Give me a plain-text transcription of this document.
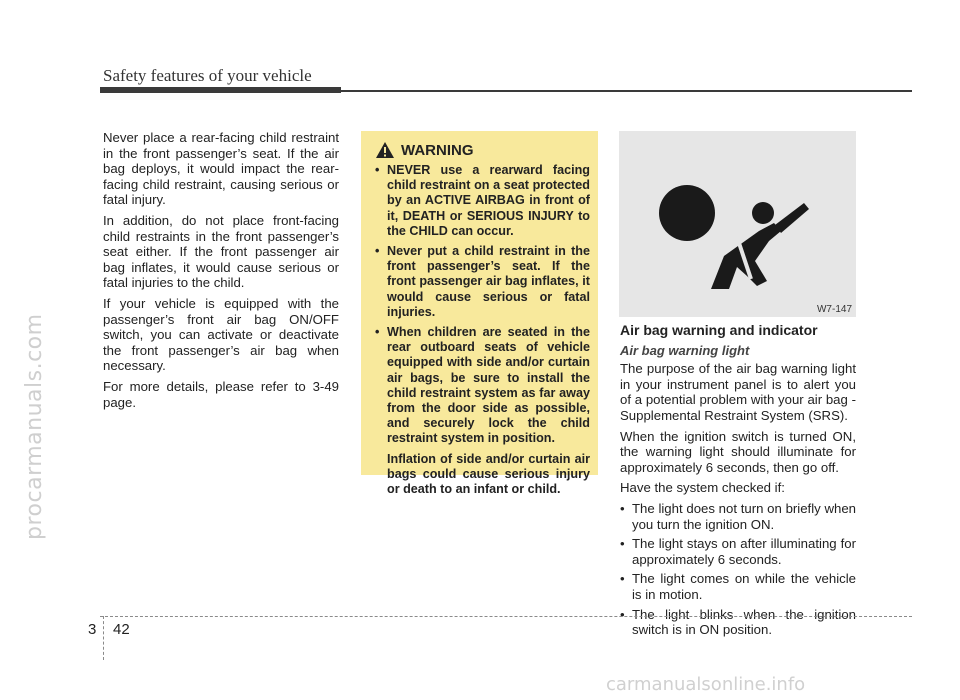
procarmanuals.com
Safety features of your vehicle

Never place a rear-facing child restraint in the front passenger’s seat. If the air bag deploys, it would impact the rear-facing child restraint, causing serious or fatal injury.

In addition, do not place front-facing child restraints in the front passenger’s seat either. If the front passenger air bag inflates, it would cause serious or fatal injuries to the child.

If your vehicle is equipped with the passenger’s front air bag ON/OFF switch, you can activate or deactivate the front passenger’s air bag when necessary.

For more details, please refer to 3-49 page.

WARNING
• NEVER use a rearward facing child restraint on a seat protected by an ACTIVE AIRBAG in front of it, DEATH or SERIOUS INJURY to the CHILD can occur.
• Never put a child restraint in the front passenger’s seat. If the front passenger air bag inflates, it would cause serious or fatal injuries.
• When children are seated in the rear outboard seats of vehicle equipped with side and/or curtain air bags, be sure to install the child restraint system as far away from the door side as possible, and securely lock the child restraint system in position.
Inflation of side and/or curtain air bags could cause serious injury or death to an infant or child.
W7-147
Air bag warning and indicator
Air bag warning light

The purpose of the air bag warning light in your instrument panel is to alert you of a potential problem with your air bag - Supplemental Restraint System (SRS).

When the ignition switch is turned ON, the warning light should illuminate for approximately 6 seconds, then go off.

Have the system checked if:

• The light does not turn on briefly when you turn the ignition ON.
• The light stays on after illuminating for approximately 6 seconds.
• The light comes on while the vehicle is in motion.
• The light blinks when the ignition switch is in ON position.
3 42
carmanualsonline.info
